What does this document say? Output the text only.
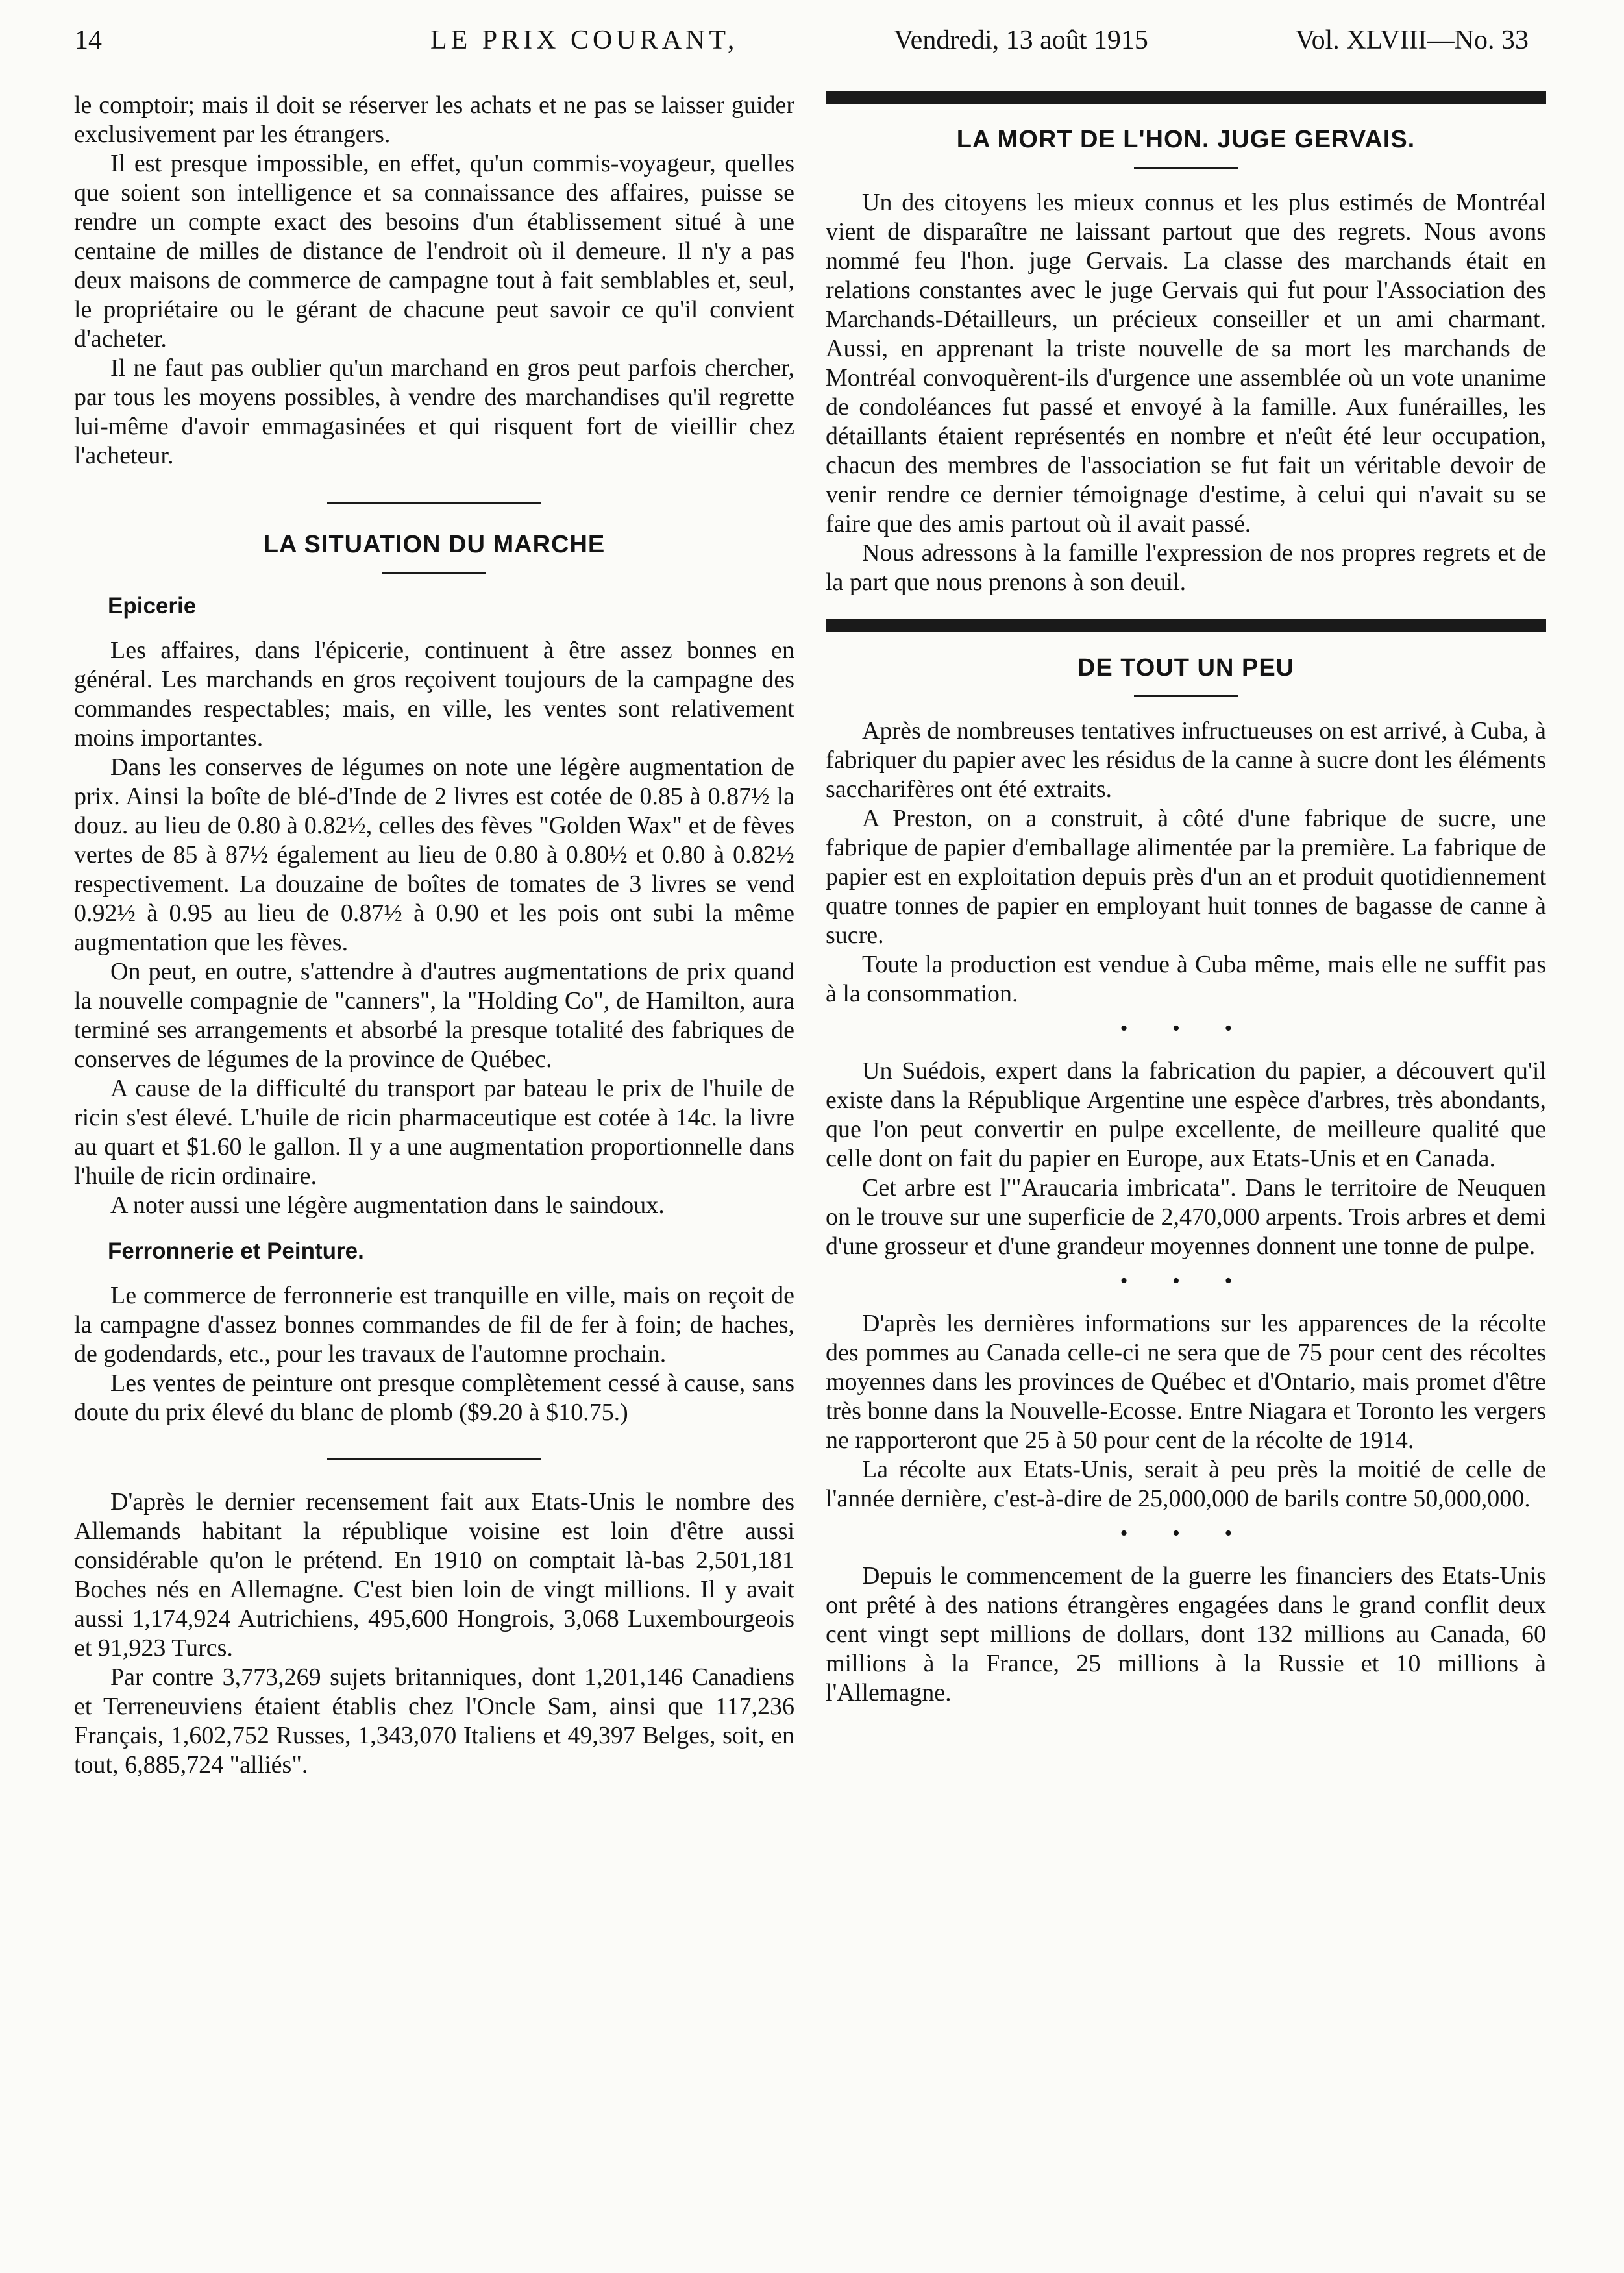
14	LE PRIX COURANT,	Vendredi, 13 août 1915	Vol. XLVIII—No. 33

le comptoir; mais il doit se réserver les achats et ne pas se laisser guider exclusivement par les étrangers.

Il est presque impossible, en effet, qu'un commis-voyageur, quelles que soient son intelligence et sa connaissance des affaires, puisse se rendre un compte exact des besoins d'un établissement situé à une centaine de milles de distance de l'endroit où il demeure. Il n'y a pas deux maisons de commerce de campagne tout à fait semblables et, seul, le propriétaire ou le gérant de chacune peut savoir ce qu'il convient d'acheter.

Il ne faut pas oublier qu'un marchand en gros peut parfois chercher, par tous les moyens possibles, à vendre des marchandises qu'il regrette lui-même d'avoir emmagasinées et qui risquent fort de vieillir chez l'acheteur.

LA SITUATION DU MARCHE
Epicerie

Les affaires, dans l'épicerie, continuent à être assez bonnes en général. Les marchands en gros reçoivent toujours de la campagne des commandes respectables; mais, en ville, les ventes sont relativement moins importantes.

Dans les conserves de légumes on note une légère augmentation de prix. Ainsi la boîte de blé-d'Inde de 2 livres est cotée de 0.85 à 0.87½ la douz. au lieu de 0.80 à 0.82½, celles des fèves "Golden Wax" et de fèves vertes de 85 à 87½ également au lieu de 0.80 à 0.80½ et 0.80 à 0.82½ respectivement. La douzaine de boîtes de tomates de 3 livres se vend 0.92½ à 0.95 au lieu de 0.87½ à 0.90 et les pois ont subi la même augmentation que les fèves.

On peut, en outre, s'attendre à d'autres augmentations de prix quand la nouvelle compagnie de "canners", la "Holding Co", de Hamilton, aura terminé ses arrangements et absorbé la presque totalité des fabriques de conserves de légumes de la province de Québec.

A cause de la difficulté du transport par bateau le prix de l'huile de ricin s'est élevé. L'huile de ricin pharmaceutique est cotée à 14c. la livre au quart et $1.60 le gallon. Il y a une augmentation proportionnelle dans l'huile de ricin ordinaire.

A noter aussi une légère augmentation dans le saindoux.

Ferronnerie et Peinture.

Le commerce de ferronnerie est tranquille en ville, mais on reçoit de la campagne d'assez bonnes commandes de fil de fer à foin; de haches, de godendards, etc., pour les travaux de l'automne prochain.

Les ventes de peinture ont presque complètement cessé à cause, sans doute du prix élevé du blanc de plomb ($9.20 à $10.75.)

D'après le dernier recensement fait aux Etats-Unis le nombre des Allemands habitant la république voisine est loin d'être aussi considérable qu'on le prétend. En 1910 on comptait là-bas 2,501,181 Boches nés en Allemagne. C'est bien loin de vingt millions. Il y avait aussi 1,174,924 Autrichiens, 495,600 Hongrois, 3,068 Luxembourgeois et 91,923 Turcs.

Par contre 3,773,269 sujets britanniques, dont 1,201,146 Canadiens et Terreneuviens étaient établis chez l'Oncle Sam, ainsi que 117,236 Français, 1,602,752 Russes, 1,343,070 Italiens et 49,397 Belges, soit, en tout, 6,885,724 "alliés".

LA MORT DE L'HON. JUGE GERVAIS.

Un des citoyens les mieux connus et les plus estimés de Montréal vient de disparaître ne laissant partout que des regrets. Nous avons nommé feu l'hon. juge Gervais. La classe des marchands était en relations constantes avec le juge Gervais qui fut pour l'Association des Marchands-Détailleurs, un précieux conseiller et un ami charmant. Aussi, en apprenant la triste nouvelle de sa mort les marchands de Montréal convoquèrent-ils d'urgence une assemblée où un vote unanime de condoléances fut passé et envoyé à la famille. Aux funérailles, les détaillants étaient représentés en nombre et n'eût été leur occupation, chacun des membres de l'association se fut fait un véritable devoir de venir rendre ce dernier témoignage d'estime, à celui qui n'avait su se faire que des amis partout où il avait passé.

Nous adressons à la famille l'expression de nos propres regrets et de la part que nous prenons à son deuil.

DE TOUT UN PEU

Après de nombreuses tentatives infructueuses on est arrivé, à Cuba, à fabriquer du papier avec les résidus de la canne à sucre dont les éléments saccharifères ont été extraits.

A Preston, on a construit, à côté d'une fabrique de sucre, une fabrique de papier d'emballage alimentée par la première. La fabrique de papier est en exploitation depuis près d'un an et produit quotidiennement quatre tonnes de papier en employant huit tonnes de bagasse de canne à sucre.

Toute la production est vendue à Cuba même, mais elle ne suffit pas à la consommation.

• • •

Un Suédois, expert dans la fabrication du papier, a découvert qu'il existe dans la République Argentine une espèce d'arbres, très abondants, que l'on peut convertir en pulpe excellente, de meilleure qualité que celle dont on fait du papier en Europe, aux Etats-Unis et en Canada.

Cet arbre est l'"Araucaria imbricata". Dans le territoire de Neuquen on le trouve sur une superficie de 2,470,000 arpents. Trois arbres et demi d'une grosseur et d'une grandeur moyennes donnent une tonne de pulpe.

• • •

D'après les dernières informations sur les apparences de la récolte des pommes au Canada celle-ci ne sera que de 75 pour cent des récoltes moyennes dans les provinces de Québec et d'Ontario, mais promet d'être très bonne dans la Nouvelle-Ecosse. Entre Niagara et Toronto les vergers ne rapporteront que 25 à 50 pour cent de la récolte de 1914.

La récolte aux Etats-Unis, serait à peu près la moitié de celle de l'année dernière, c'est-à-dire de 25,000,000 de barils contre 50,000,000.

• • •

Depuis le commencement de la guerre les financiers des Etats-Unis ont prêté à des nations étrangères engagées dans le grand conflit deux cent vingt sept millions de dollars, dont 132 millions au Canada, 60 millions à la France, 25 millions à la Russie et 10 millions à l'Allemagne.
